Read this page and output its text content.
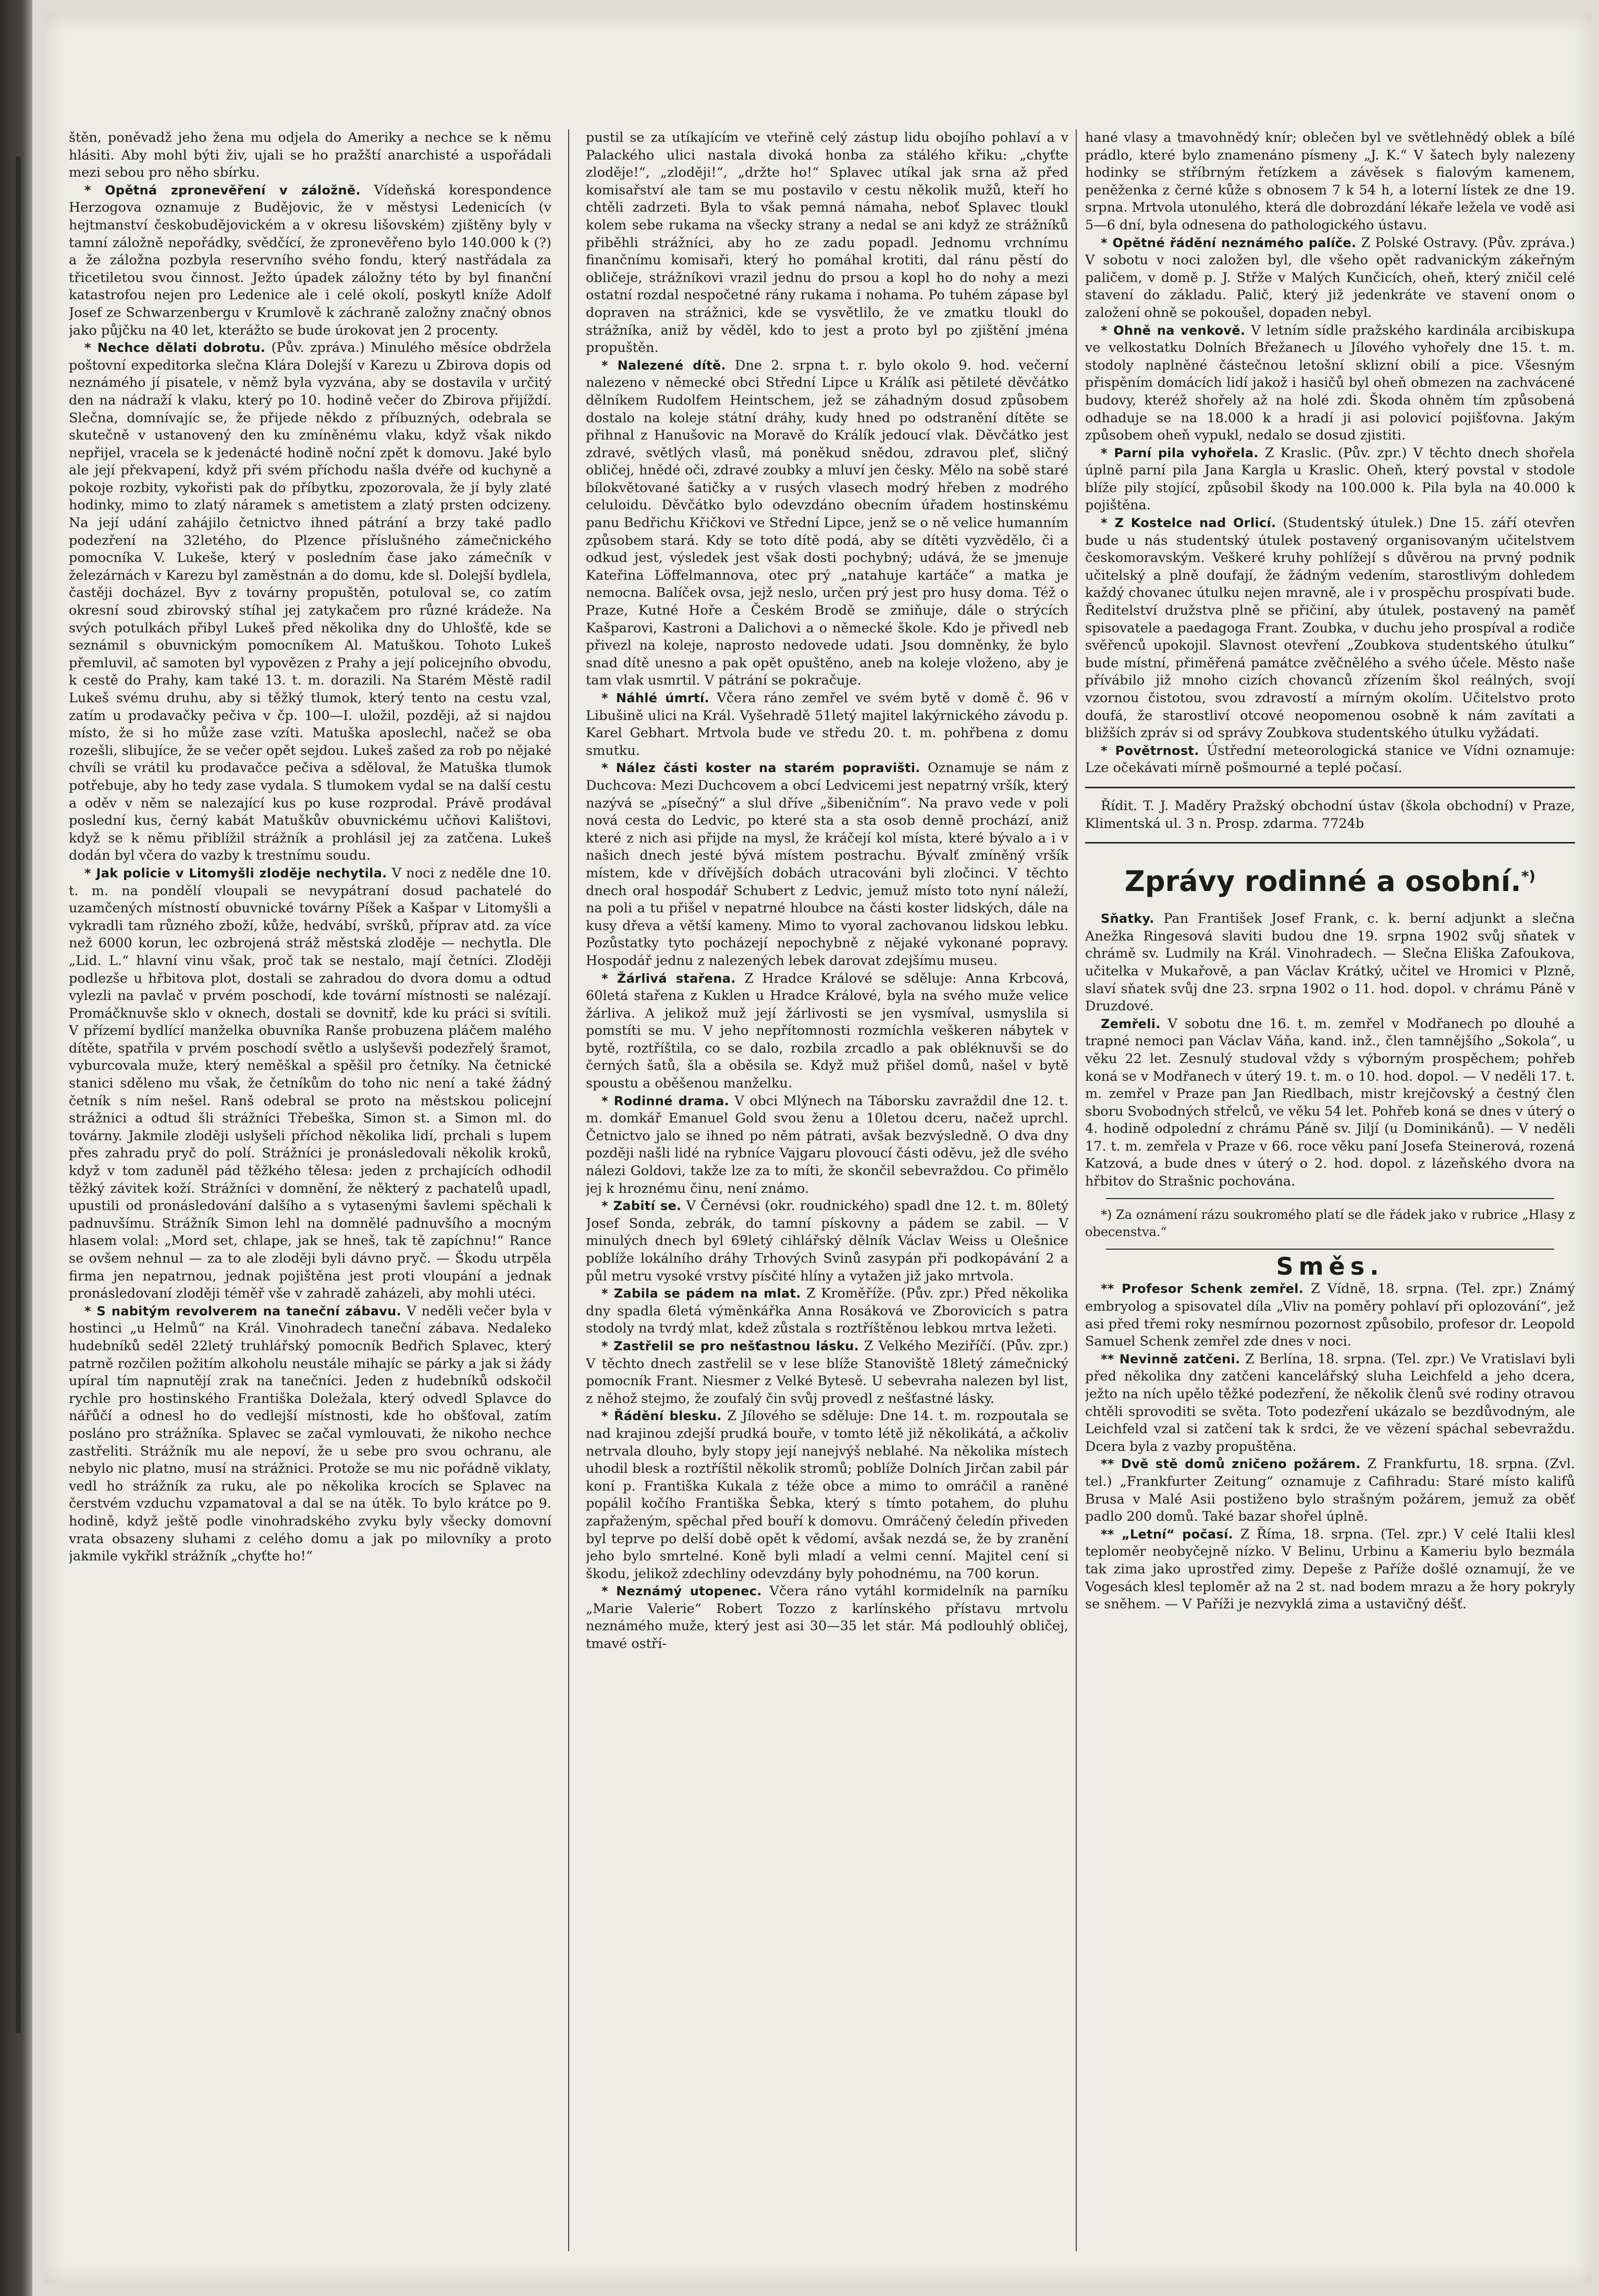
štěn, poněvadž jeho žena mu odjela do Ameriky a nechce se k němu hlásiti. Aby mohl býti živ, ujali se ho pražští anarchisté a uspořádali mezi sebou pro něho sbírku.

* Opětná zpronevěření v záložně. Vídeňská korespondence Herzogova oznamuje z Budějovic, že v městysi Ledenicích (v hejtmanství českobudějovickém a v okresu lišovském) zjištěny byly v tamní záložně nepořádky, svědčící, že zpronevěřeno bylo 140.000 k (?) a že záložna pozbyla reservního svého fondu, který nastřádala za třicetiletou svou činnost. Ježto úpadek záložny této by byl finanční katastrofou nejen pro Ledenice ale i celé okolí, poskytl kníže Adolf Josef ze Schwarzenbergu v Krumlově k záchraně založny značný obnos jako půjčku na 40 let, kterážto se bude úrokovat jen 2 procenty.

* Nechce dělati dobrotu. (Pův. zpráva.) Minulého měsíce obdržela poštovní expeditorka slečna Klára Dolejší v Karezu u Zbirova dopis od neznámého jí pisatele, v němž byla vyzvána, aby se dostavila v určitý den na nádraží k vlaku, který po 10. hodině večer do Zbirova přijíždí. Slečna, domnívajíc se, že přijede někdo z příbuzných, odebrala se skutečně v ustanovený den ku zmíněnému vlaku, když však nikdo nepřijel, vracela se k jedenácté hodině noční zpět k domovu. Jaké bylo ale její překvapení, když při svém příchodu našla dvéře od kuchyně a pokoje rozbity, vykořisti pak do příbytku, zpozorovala, že jí byly zlaté hodinky, mimo to zlatý náramek s ametistem a zlatý prsten odcizeny. Na její udání zahájilo četnictvo ihned pátrání a brzy také padlo podezření na 32letého, do Plzence příslušného zámečnického pomocníka V. Lukeše, který v posledním čase jako zámečník v železárnách v Karezu byl zaměstnán a do domu, kde sl. Dolejší bydlela, častěji docházel. Byv z továrny propuštěn, potuloval se, co zatím okresní soud zbirovský stíhal jej zatykačem pro různé krádeže. Na svých potulkách přibyl Lukeš před několika dny do Uhlošťě, kde se seznámil s obuvnickým pomocníkem Al. Matuškou. Tohoto Lukeš přemluvil, ač samoten byl vypovězen z Prahy a její policejního obvodu, k cestě do Prahy, kam také 13. t. m. dorazili. Na Starém Městě radil Lukeš svému druhu, aby si těžký tlumok, který tento na cestu vzal, zatím u prodavačky pečiva v čp. 100—I. uložil, později, až si najdou místo, že si ho může zase vzíti. Matuška aposlechl, načež se oba rozešli, slibujíce, že se večer opět sejdou. Lukeš zašed za rob po nějaké chvíli se vrátil ku prodavačce pečiva a sděloval, že Matuška tlumok potřebuje, aby ho tedy zase vydala. S tlumokem vydal se na další cestu a oděv v něm se nalezající kus po kuse rozprodal. Právě prodával poslední kus, černý kabát Matuškův obuvnickému učňovi Kalištovi, když se k němu přiblížil strážník a prohlásil jej za zatčena. Lukeš dodán byl včera do vazby k trestnímu soudu.

* Jak policie v Litomyšli zloděje nechytila. V noci z neděle dne 10. t. m. na pondělí vloupali se nevypátraní dosud pachatelé do uzamčených místností obuvnické továrny Píšek a Kašpar v Litomyšli a vykradli tam různého zboží, kůže, hedvábí, svršků, příprav atd. za více než 6000 korun, lec ozbrojená stráž městská zloděje — nechytla. Dle „Lid. L.“ hlavní vinu však, proč tak se nestalo, mají četníci. Zloději podlezše u hřbitova plot, dostali se zahradou do dvora domu a odtud vylezli na pavlač v prvém poschodí, kde tovární místnosti se nalézají. Promáčknuvše sklo v oknech, dostali se dovnitř, kde ku práci si svítili. V přízemí bydlící manželka obuvníka Ranše probuzena pláčem malého dítěte, spatřila v prvém poschodí světlo a uslyševši podezřelý šramot, vyburcovala muže, který neměškal a spěšil pro četníky. Na četnické stanici sděleno mu však, že četníkům do toho nic není a také žádný četník s ním nešel. Ranš odebral se proto na městskou policejní strážnici a odtud šli strážníci Třebeška, Simon st. a Simon ml. do továrny. Jakmile zloději uslyšeli příchod několika lidí, prchali s lupem přes zahradu pryč do polí. Strážníci je pronásledovali několik kroků, když v tom zaduněl pád těžkého tělesa: jeden z prchajících odhodil těžký závitek koží. Strážníci v domnění, že některý z pachatelů upadl, upustili od pronásledování dalšího a s vytasenými šavlemi spěchali k padnuvšímu. Strážník Simon lehl na domnělé padnuvšího a mocným hlasem volal: „Mord set, chlape, jak se hneš, tak tě zapíchnu!“ Rance se ovšem nehnul — za to ale zloději byli dávno pryč. — Škodu utrpěla firma jen nepatrnou, jednak pojištěna jest proti vloupání a jednak pronásledovaní zloději téměř vše v zahradě zaházeli, aby mohli utéci.

* S nabitým revolverem na taneční zábavu. V neděli večer byla v hostinci „u Helmů“ na Král. Vinohradech taneční zábava. Nedaleko hudebníků seděl 22letý truhlářský pomocník Bedřich Splavec, který patrně rozčilen požitím alkoholu neustále mihajíc se párky a jak si žády upíral tím napnutějí zrak na tanečníci. Jeden z hudebníků odskočil rychle pro hostinského Františka Doležala, který odvedl Splavce do nářůčí a odnesl ho do vedlejší místnosti, kde ho obšťoval, zatím posláno pro strážníka. Splavec se začal vymlouvati, že nikoho nechce zastřeliti. Strážník mu ale nepoví, že u sebe pro svou ochranu, ale nebylo nic platno, musí na strážnici. Protože se mu nic pořádně viklaty, vedl ho strážník za ruku, ale po několika krocích se Splavec na čerstvém vzduchu vzpamatoval a dal se na útěk. To bylo krátce po 9. hodině, když ještě podle vinohradského zvyku byly všecky domovní vrata obsazeny sluhami z celého domu a jak po milovníky a proto jakmile vykřikl strážník „chyťte ho!“

pustil se za utíkajícím ve vteřině celý zástup lidu obojího pohlaví a v Palackého ulici nastala divoká honba za stálého křiku: „chyťte zloděje!“, „zloději!“, „držte ho!“ Splavec utíkal jak srna až před komisařství ale tam se mu postavilo v cestu několik mužů, kteří ho chtěli zadrzeti. Byla to však pemná námaha, neboť Splavec tloukl kolem sebe rukama na všecky strany a nedal se ani když ze strážníků přiběhli strážníci, aby ho ze zadu popadl. Jednomu vrchnímu finančnímu komisaři, který ho pomáhal krotiti, dal ránu pěstí do obličeje, strážníkovi vrazil jednu do prsou a kopl ho do nohy a mezi ostatní rozdal nespočetné rány rukama i nohama. Po tuhém zápase byl dopraven na strážnici, kde se vysvětlilo, že ve zmatku tloukl do strážníka, aniž by věděl, kdo to jest a proto byl po zjištění jména propuštěn.

* Nalezené dítě. Dne 2. srpna t. r. bylo okolo 9. hod. večerní nalezeno v německé obci Střední Lipce u Králík asi pětileté děvčátko dělníkem Rudolfem Heintschem, jež se záhadným dosud způsobem dostalo na koleje státní dráhy, kudy hned po odstranění dítěte se přihnal z Hanušovic na Moravě do Králík jedoucí vlak. Děvčátko jest zdravé, světlých vlasů, má poněkud snědou, zdravou pleť, sličný obličej, hnědé oči, zdravé zoubky a mluví jen česky. Mělo na sobě staré bílokvětované šatičky a v rusých vlasech modrý hřeben z modrého celuloidu. Děvčátko bylo odevzdáno obecním úřadem hostinskému panu Bedřichu Křičkovi ve Střední Lipce, jenž se o ně velice humanním způsobem stará. Kdy se toto dítě podá, aby se dítěti vyzvědělo, či a odkud jest, výsledek jest však dosti pochybný; udává, že se jmenuje Kateřina Löffelmannova, otec prý „natahuje kartáče“ a matka je nemocna. Balíček ovsa, jejž neslo, určen prý jest pro husy doma. Též o Praze, Kutné Hoře a Českém Brodě se zmiňuje, dále o strýcích Kašparovi, Kastroni a Dalichovi a o německé škole. Kdo je přivedl neb přivezl na koleje, naprosto nedovede udati. Jsou domněnky, že bylo snad dítě unesno a pak opět opuštěno, aneb na koleje vloženo, aby je tam vlak usmrtil. V pátrání se pokračuje.

* Náhlé úmrtí. Včera ráno zemřel ve svém bytě v domě č. 96 v Libušině ulici na Král. Vyšehradě 51letý majitel lakýrnického závodu p. Karel Gebhart. Mrtvola bude ve středu 20. t. m. pohřbena z domu smutku.

* Nález části koster na starém popravišti. Oznamuje se nám z Duchcova: Mezi Duchcovem a obcí Ledvicemi jest nepatrný vršík, který nazývá se „písečný“ a slul dříve „šibeničním“. Na pravo vede v poli nová cesta do Ledvic, po které sta a sta osob denně prochází, aniž které z nich asi přijde na mysl, že kráčejí kol místa, které bývalo a i v našich dnech jesté bývá místem postrachu. Bývalť zmíněný vršík místem, kde v dřívějších dobách utracováni byli zločinci. V těchto dnech oral hospodář Schubert z Ledvic, jemuž místo toto nyní náleží, na poli a tu přišel v nepatrné hloubce na části koster lidských, dále na kusy dřeva a větší kameny. Mimo to vyoral zachovanou lidskou lebku. Pozůstatky tyto pocházejí nepochybně z nějaké vykonané popravy. Hospodář jednu z nalezených lebek darovat zdejšímu museu.

* Žárlivá stařena. Z Hradce Králové se sděluje: Anna Krbcová, 60letá stařena z Kuklen u Hradce Králové, byla na svého muže velice žárliva. A jelikož muž její žárlivosti se jen vysmíval, usmyslila si pomstíti se mu. V jeho nepřítomnosti rozmíchla veškeren nábytek v bytě, roztříštila, co se dalo, rozbila zrcadlo a pak obléknuvši se do černých šatů, šla a oběsila se. Když muž přišel domů, našel v bytě spoustu a oběšenou manželku.

* Rodinné drama. V obci Mlýnech na Táborsku zavraždil dne 12. t. m. domkář Emanuel Gold svou ženu a 10letou dceru, načež uprchl. Četnictvo jalo se ihned po něm pátrati, avšak bezvýsledně. O dva dny později našli lidé na rybníce Vajgaru plovoucí části oděvu, jež dle svého nálezi Goldovi, takže lze za to míti, že skončil sebevraždou. Co přimělo jej k hroznému činu, není známo.

* Zabití se. V Černévsi (okr. roudnického) spadl dne 12. t. m. 80letý Josef Sonda, zebrák, do tamní pískovny a pádem se zabil. — V minulých dnech byl 69letý cihlářský dělník Václav Weiss u Olešnice poblíže lokálního dráhy Trhových Svinů zasypán při podkopávání 2 a půl metru vysoké vrstvy písčité hlíny a vytažen již jako mrtvola.

* Zabila se pádem na mlat. Z Kroměříže. (Pův. zpr.) Před několika dny spadla 6letá výměnkářka Anna Rosáková ve Zborovicích s patra stodoly na tvrdý mlat, kdež zůstala s roztříštěnou lebkou mrtva ležeti.

* Zastřelil se pro nešťastnou lásku. Z Velkého Meziříčí. (Pův. zpr.) V těchto dnech zastřelil se v lese blíže Stanoviště 18letý zámečnický pomocník Frant. Niesmer z Velké Bytesě. U sebevraha nalezen byl list, z něhož stejmo, že zoufalý čin svůj provedl z nešťastné lásky.

* Řádění blesku. Z Jílového se sděluje: Dne 14. t. m. rozpoutala se nad krajinou zdejší prudká bouře, v tomto létě již několikátá, a ačkoliv netrvala dlouho, byly stopy její nanejvýš neblahé. Na několika místech uhodil blesk a roztříštil několik stromů; poblíže Dolních Jirčan zabil pár koní p. Františka Kukala z téže obce a mimo to omráčil a raněné popálil kočího Františka Šebka, který s tímto potahem, do pluhu zapřaženým, spěchal před bouří k domovu. Omráčený čeledín přiveden byl teprve po delší době opět k vědomí, avšak nezdá se, že by zranění jeho bylo smrtelné. Koně byli mladí a velmi cenní. Majitel cení si škodu, jelikož zdechliny odevzdány byly pohodnému, na 700 korun.

* Neznámý utopenec. Včera ráno vytáhl kormidelník na parníku „Marie Valerie“ Robert Tozzo z karlínského přístavu mrtvolu neznámého muže, který jest asi 30—35 let stár. Má podlouhlý obličej, tmavé ostří-

hané vlasy a tmavohnědý knír; oblečen byl ve světlehnědý oblek a bílé prádlo, které bylo znamenáno písmeny „J. K.“ V šatech byly nalezeny hodinky se stříbrným řetízkem a závěsek s fialovým kamenem, peněženka z černé kůže s obnosem 7 k 54 h, a loterní lístek ze dne 19. srpna. Mrtvola utonulého, která dle dobrozdání lékaře ležela ve vodě asi 5—6 dní, byla odnesena do pathologického ústavu.

* Opětné řádění neznámého palíče. Z Polské Ostravy. (Pův. zpráva.) V sobotu v noci založen byl, dle všeho opět radvanickým zákeřným paličem, v domě p. J. Střže v Malých Kunčicích, oheň, který zničil celé stavení do základu. Palič, který již jedenkráte ve stavení onom o založení ohně se pokoušel, dopaden nebyl.

* Ohně na venkově. V letním sídle pražského kardinála arcibiskupa ve velkostatku Dolních Břežanech u Jílového vyhořely dne 15. t. m. stodoly naplněné částečnou letošní sklizní obilí a pice. Všesným přispěním domácích lidí jakož i hasičů byl oheň obmezen na zachvácené budovy, kteréž shořely až na holé zdi. Škoda ohněm tím způsobená odhaduje se na 18.000 k a hradí ji asi polovicí pojišťovna. Jakým způsobem oheň vypukl, nedalo se dosud zjistiti.

* Parní pila vyhořela. Z Kraslic. (Pův. zpr.) V těchto dnech shořela úplně parní pila Jana Kargla u Kraslic. Oheň, který povstal v stodole blíže pily stojící, způsobil škody na 100.000 k. Pila byla na 40.000 k pojištěna.

* Z Kostelce nad Orlicí. (Studentský útulek.) Dne 15. září otevřen bude u nás studentský útulek postavený organisovaným učitelstvem českomoravským. Veškeré kruhy pohlížejí s důvěrou na prvný podnik učitelský a plně doufají, že žádným vedením, starostlivým dohledem každý chovanec útulku nejen mravně, ale i v prospěchu prospívati bude. Ředitelství družstva plně se přičiní, aby útulek, postavený na paměť spisovatele a paedagoga Frant. Zoubka, v duchu jeho prospíval a rodiče svěřenců upokojil. Slavnost otevření „Zoubkova studentského útulku“ bude místní, přiměřená památce zvěčnělého a svého účele. Město naše přívábilo již mnoho cizích chovanců zřízením škol reálných, svojí vzornou čistotou, svou zdravostí a mírným okolím. Učitelstvo proto doufá, že starostliví otcové neopomenou osobně k nám zavítati a bližších zpráv si od správy Zoubkova studentského útulku vyžádati.

* Povětrnost. Ústřední meteorologická stanice ve Vídni oznamuje: Lze očekávati mírně pošmourné a teplé počasí.

Řídit. T. J. Maděry Pražský obchodní ústav (škola obchodní) v Praze, Klimentská ul. 3 n. Prosp. zdarma. 7724b

Zprávy rodinné a osobní.*)

Sňatky. Pan František Josef Frank, c. k. berní adjunkt a slečna Anežka Ringesová slaviti budou dne 19. srpna 1902 svůj sňatek v chrámě sv. Ludmily na Král. Vinohradech. — Slečna Eliška Zafoukova, učitelka v Mukařově, a pan Václav Krátký, učitel ve Hromici v Plzně, slaví sňatek svůj dne 23. srpna 1902 o 11. hod. dopol. v chrámu Páně v Druzdové.

Zemřeli. V sobotu dne 16. t. m. zemřel v Modřanech po dlouhé a trapné nemoci pan Václav Váňa, kand. inž., člen tamnějšího „Sokola“, u věku 22 let. Zesnulý studoval vždy s výborným prospěchem; pohřeb koná se v Modřanech v úterý 19. t. m. o 10. hod. dopol. — V neděli 17. t. m. zemřel v Praze pan Jan Riedlbach, mistr krejčovský a čestný člen sboru Svobodných střelců, ve věku 54 let. Pohřeb koná se dnes v úterý o 4. hodině odpolední z chrámu Páně sv. Jiljí (u Dominikánů). — V neděli 17. t. m. zemřela v Praze v 66. roce věku paní Josefa Steinerová, rozená Katzová, a bude dnes v úterý o 2. hod. dopol. z lázeňského dvora na hřbitov do Strašnic pochována.

*) Za oznámení rázu soukromého platí se dle řádek jako v rubrice „Hlasy z obecenstva.“

Směs.

** Profesor Schenk zemřel. Z Vídně, 18. srpna. (Tel. zpr.) Známý embryolog a spisovatel díla „Vliv na poměry pohlaví při oplozování“, jež asi před třemi roky nesmírnou pozornost způsobilo, profesor dr. Leopold Samuel Schenk zemřel zde dnes v noci.

** Nevinně zatčeni. Z Berlína, 18. srpna. (Tel. zpr.) Ve Vratislavi byli před několika dny zatčeni kancelářský sluha Leichfeld a jeho dcera, ježto na ních upělo těžké podezření, že několik členů své rodiny otravou chtěli sprovoditi se světa. Toto podezření ukázalo se bezdůvodným, ale Leichfeld vzal si zatčení tak k srdci, že ve vězení spáchal sebevraždu. Dcera byla z vazby propuštěna.

** Dvě stě domů zničeno požárem. Z Frankfurtu, 18. srpna. (Zvl. tel.) „Frankfurter Zeitung“ oznamuje z Cafihradu: Staré místo kalifů Brusa v Malé Asii postiženo bylo strašným požárem, jemuž za oběť padlo 200 domů. Také bazar shořel úplně.

** „Letní“ počasí. Z Říma, 18. srpna. (Tel. zpr.) V celé Italii klesl teploměr neobyčejně nízko. V Belinu, Urbinu a Kameriu bylo bezmála tak zima jako uprostřed zimy. Depeše z Paříže došlé oznamují, že ve Vogesách klesl teploměr až na 2 st. nad bodem mrazu a že hory pokryly se sněhem. — V Paříži je nezvyklá zima a ustavičný déšť.
